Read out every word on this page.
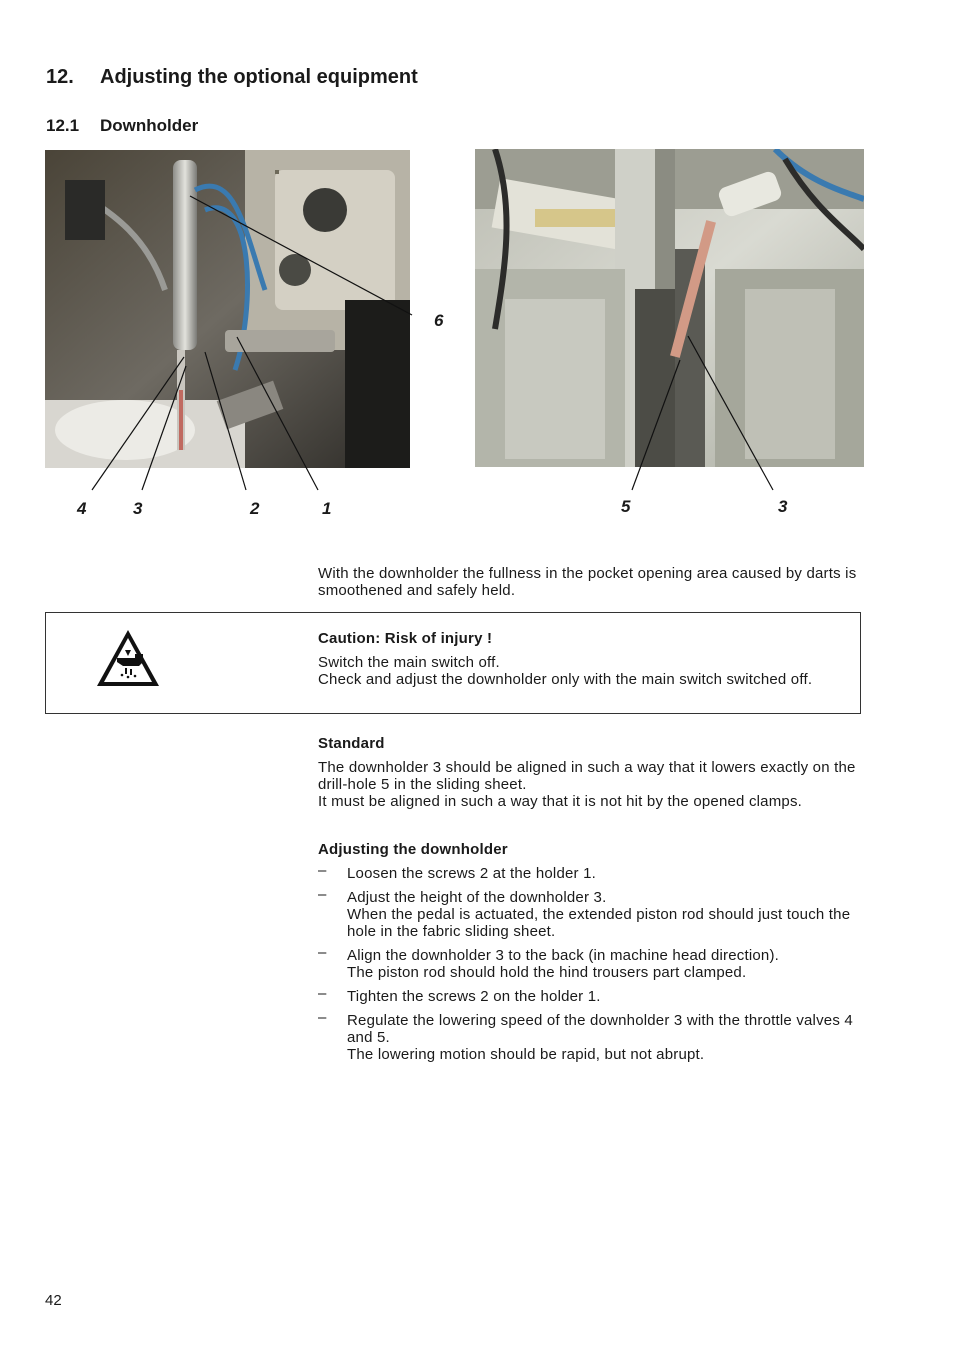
12. Adjusting the optional equipment
12.1 Downholder
6
4	3	2	1	5	3
With the downholder the fullness in the pocket opening area caused by darts is smoothened and safely held.
Caution: Risk of injury !
Switch the main switch off.
Check and adjust the downholder only with the main switch switched off.
Standard
The downholder 3 should be aligned in such a way that it lowers exactly on the drill-hole 5 in the sliding sheet.
It must be aligned in such a way that it is not hit by the opened clamps.
Adjusting the downholder
– Loosen the screws 2 at the holder 1.
– Adjust the height of the downholder 3.
When the pedal is actuated, the extended piston rod should just touch the hole in the fabric sliding sheet.
– Align the downholder 3 to the back (in machine head direction).
The piston rod should hold the hind trousers part clamped.
– Tighten the screws 2 on the holder 1.
– Regulate the lowering speed of the downholder 3 with the throttle valves 4 and 5.
The lowering motion should be rapid, but not abrupt.
42
